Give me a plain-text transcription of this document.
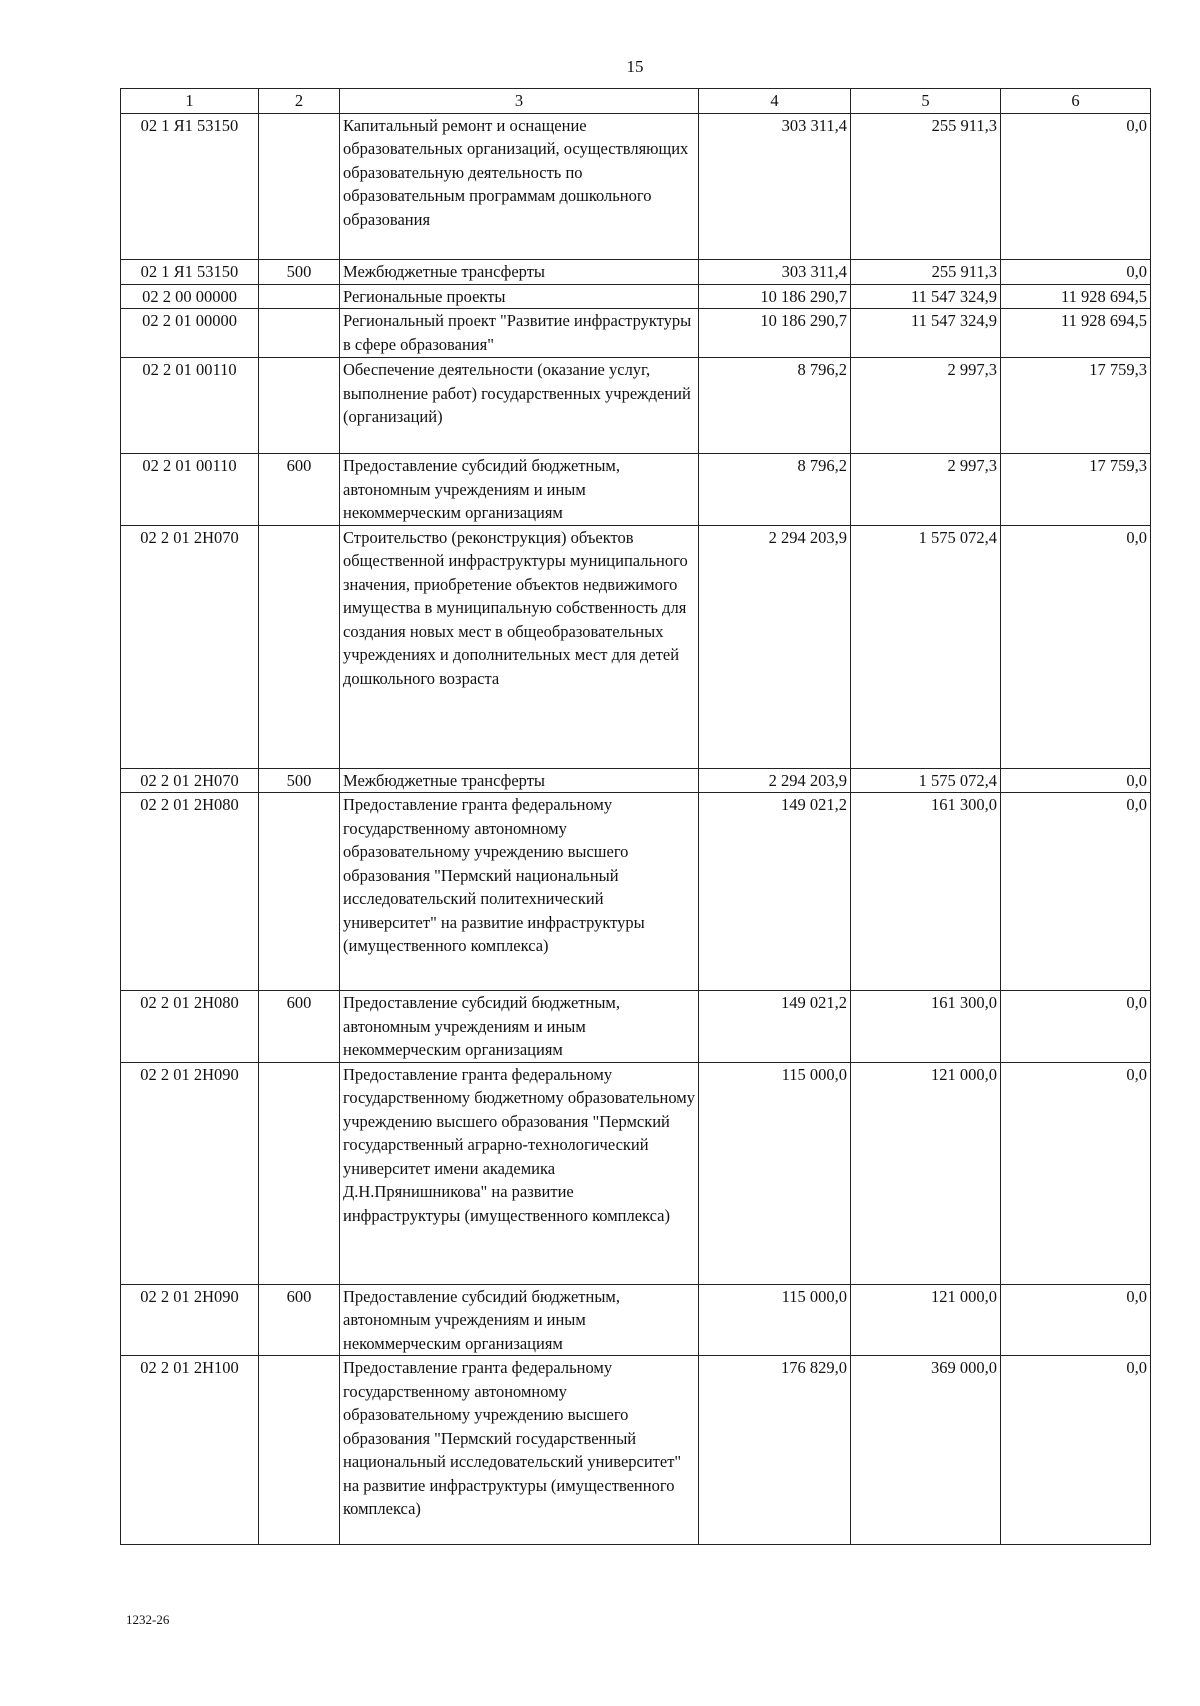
15
1	2	3	4	5	6
02 1 Я1 53150		Капитальный ремонт и оснащение образовательных организаций, осуществляющих образовательную деятельность по образовательным программам дошкольного образования	303 311,4	255 911,3	0,0
02 1 Я1 53150	500	Межбюджетные трансферты	303 311,4	255 911,3	0,0
02 2 00 00000		Региональные проекты	10 186 290,7	11 547 324,9	11 928 694,5
02 2 01 00000		Региональный проект "Развитие инфраструктуры в сфере образования"	10 186 290,7	11 547 324,9	11 928 694,5
02 2 01 00110		Обеспечение деятельности (оказание услуг, выполнение работ) государственных учреждений (организаций)	8 796,2	2 997,3	17 759,3
02 2 01 00110	600	Предоставление субсидий бюджетным, автономным учреждениям и иным некоммерческим организациям	8 796,2	2 997,3	17 759,3
02 2 01 2Н070		Строительство (реконструкция) объектов общественной инфраструктуры муниципального значения, приобретение объектов недвижимого имущества в муниципальную собственность для создания новых мест в общеобразовательных учреждениях и дополнительных мест для детей дошкольного возраста	2 294 203,9	1 575 072,4	0,0
02 2 01 2Н070	500	Межбюджетные трансферты	2 294 203,9	1 575 072,4	0,0
02 2 01 2Н080		Предоставление гранта федеральному государственному автономному образовательному учреждению высшего образования "Пермский национальный исследовательский политехнический университет" на развитие инфраструктуры (имущественного комплекса)	149 021,2	161 300,0	0,0
02 2 01 2Н080	600	Предоставление субсидий бюджетным, автономным учреждениям и иным некоммерческим организациям	149 021,2	161 300,0	0,0
02 2 01 2Н090		Предоставление гранта федеральному государственному бюджетному образовательному учреждению высшего образования "Пермский государственный аграрно-технологический университет имени академика Д.Н.Прянишникова" на развитие инфраструктуры (имущественного комплекса)	115 000,0	121 000,0	0,0
02 2 01 2Н090	600	Предоставление субсидий бюджетным, автономным учреждениям и иным некоммерческим организациям	115 000,0	121 000,0	0,0
02 2 01 2Н100		Предоставление гранта федеральному государственному автономному образовательному учреждению высшего образования "Пермский государственный национальный исследовательский университет" на развитие инфраструктуры (имущественного комплекса)	176 829,0	369 000,0	0,0
1232-26
